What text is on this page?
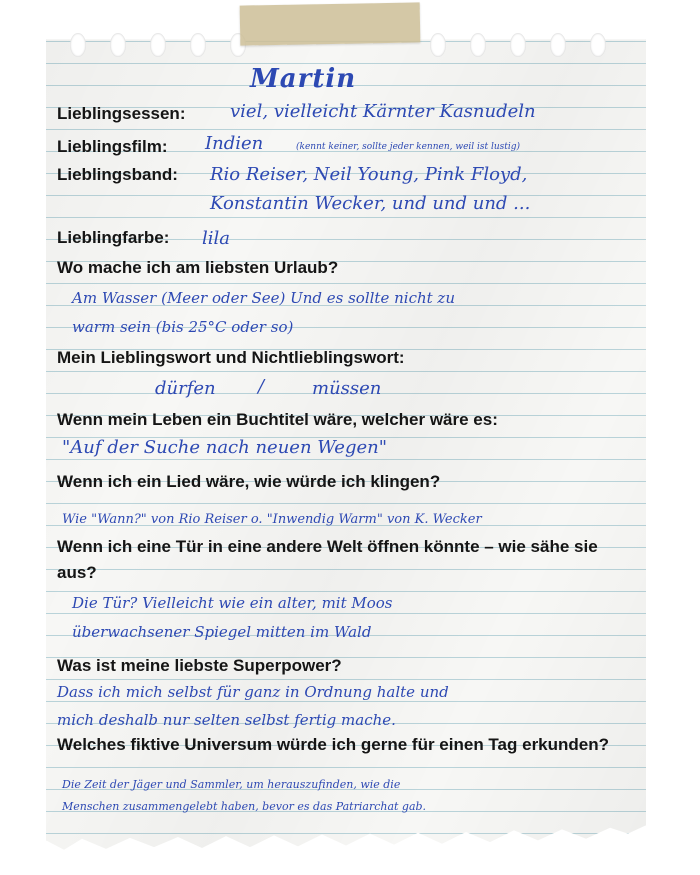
Martin
Lieblingsessen: viel, vielleicht Kärnter Kasnudeln
Lieblingsfilm: Indien	(kennt keiner, sollte jeder kennen, weil ist lustig)
Lieblingsband: Rio Reiser, Neil Young, Pink Floyd,
Konstantin Wecker, und und und ...
Lieblingfarbe: lila
Wo mache ich am liebsten Urlaub?
Am Wasser (Meer oder See) Und es sollte nicht zu
warm sein (bis 25°C oder so)
Mein Lieblingswort und Nichtlieblingswort:
dürfen /	müssen
Wenn mein Leben ein Buchtitel wäre, welcher wäre es:
"Auf der Suche nach neuen Wegen"
Wenn ich ein Lied wäre, wie würde ich klingen?
Wie "Wann?" von Rio Reiser o. "Inwendig Warm" von K. Wecker
Wenn ich eine Tür in eine andere Welt öffnen könnte – wie sähe sie aus?
Die Tür? Vielleicht wie ein alter, mit Moos
überwachsener Spiegel mitten im Wald
Was ist meine liebste Superpower?
Dass ich mich selbst für ganz in Ordnung halte und
mich deshalb nur selten selbst fertig mache.
Welches fiktive Universum würde ich gerne für einen Tag erkunden?
Die Zeit der Jäger und Sammler, um herauszufinden, wie die
Menschen zusammengelebt haben, bevor es das Patriarchat gab.
